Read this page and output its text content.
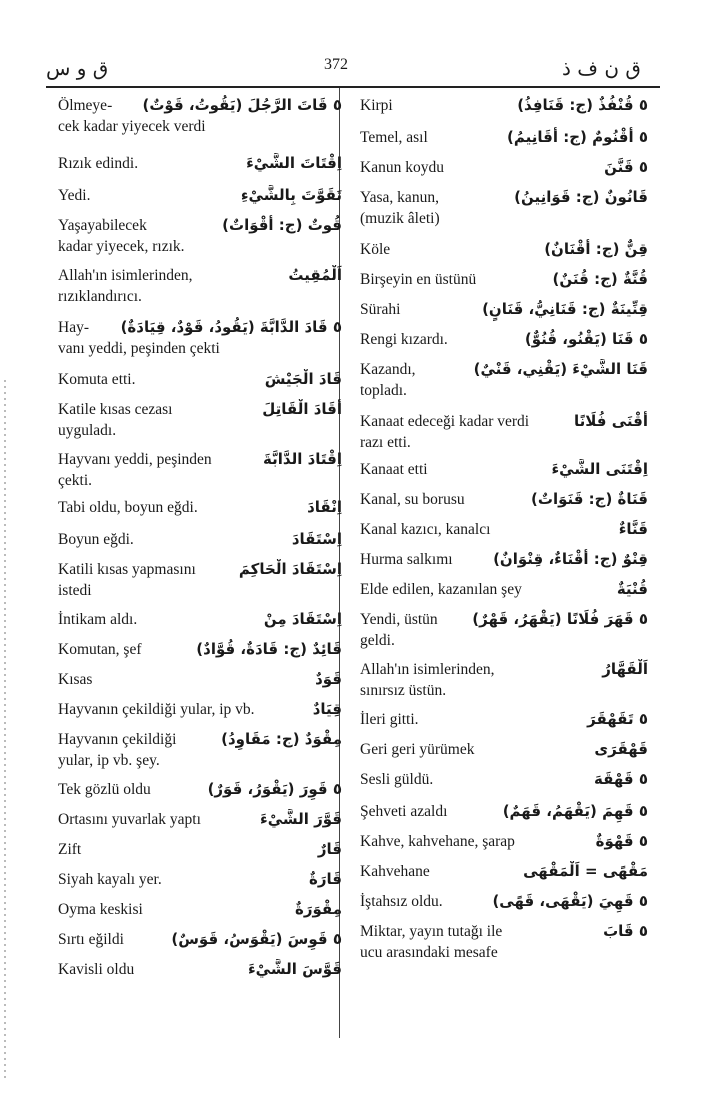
ق و س	372	ق ن ف ذ
٥ قَاتَ الرَّجُلَ (يَقُوتُ، قَوْتٌ)
Ölmeye-
cek kadar yiyecek verdi
اِقْتَاتَ الشَّيْءَ
Rızık edindi.
تَقَوَّتَ بِالشَّيْءِ
Yedi.
قُوتٌ (ج: أَقْوَاتٌ)
Yaşayabilecek
kadar yiyecek, rızık.
اَلْمُقِيتُ
Allah'ın isimlerinden,
rızıklandırıcı.
٥ قَادَ الدَّابَّةَ (يَقُودُ، قَوْدٌ، قِيَادَةٌ)
Hay-
vanı yeddi, peşinden çekti
قَادَ الْجَيْشَ
Komuta etti.
أَقَادَ الْقَاتِلَ
Katile kısas cezası
uyguladı.
اِقْتَادَ الدَّابَّةَ
Hayvanı yeddi, peşinden
çekti.
اِنْقَادَ
Tabi oldu, boyun eğdi.
اِسْتَقَادَ
Boyun eğdi.
اِسْتَقَادَ الْحَاكِمَ
Katili kısas yapmasını
istedi
اِسْتَقَادَ مِنْ
İntikam aldı.
قَائِدٌ (ج: قَادَةٌ، قُوَّادٌ)
Komutan, şef
قَوَدٌ
Kısas
قِيَادٌ
Hayvanın çekildiği yular, ip vb.
مِقْوَدٌ (ج: مَقَاوِدُ)
Hayvanın çekildiği
yular, ip vb. şey.
٥ قَوِرَ (يَقْوَرُ، قَوَرٌ)
Tek gözlü oldu
قَوَّرَ الشَّيْءَ
Ortasını yuvarlak yaptı
قَارٌ
Zift
قَارَةٌ
Siyah kayalı yer.
مِقْوَرَةٌ
Oyma keskisi
٥ قَوِسَ (يَقْوَسُ، قَوَسٌ)
Sırtı eğildi
قَوَّسَ الشَّيْءَ
Kavisli oldu
٥ قُنْفُذٌ (ج: قَنَافِذُ)
Kirpi
٥ أُقْنُومٌ (ج: أَقَانِيمُ)
Temel, asıl
٥ قَنَّنَ
Kanun koydu
قَانُونٌ (ج: قَوَانِينُ)
Yasa, kanun,
(muzik âleti)
قِنٌّ (ج: أَقْنَانٌ)
Köle
قُنَّةٌ (ج: قُنَنٌ)
Birşeyin en üstünü
قِنِّينَةٌ (ج: قَنَانِيُّ، قَنَانٍ)
Sürahi
٥ قَنَا (يَقْنُو، قُنُوٌّ)
Rengi kızardı.
قَنَا الشَّيْءَ (يَقْنِي، قَنْيٌ)
Kazandı,
topladı.
أَقْنَى فُلَانًا
Kanaat edeceği kadar verdi
razı etti.
اِقْتَنَى الشَّيْءَ
Kanaat etti
قَنَاةٌ (ج: قَنَوَاتٌ)
Kanal, su borusu
قَنَّاءٌ
Kanal kazıcı, kanalcı
قِنْوٌ (ج: أَقْنَاءٌ، قِنْوَانٌ)
Hurma salkımı
قُنْيَةٌ
Elde edilen, kazanılan şey
٥ قَهَرَ فُلَانًا (يَقْهَرُ، قَهْرٌ)
Yendi, üstün
geldi.
اَلْقَهَّارُ
Allah'ın isimlerinden,
sınırsız üstün.
٥ تَقَهْقَرَ
İleri gitti.
قَهْقَرَى
Geri geri yürümek
٥ قَهْقَهَ
Sesli güldü.
٥ قَهِمَ (يَقْهَمُ، قَهَمٌ)
Şehveti azaldı
٥ قَهْوَةٌ
Kahve, kahvehane, şarap
مَقْهًى = اَلْمَقْهَى
Kahvehane
٥ قَهِيَ (يَقْهَى، قَهًى)
İştahsız oldu.
٥ قَابَ
Miktar, yayın tutağı ile
ucu arasındaki mesafe
